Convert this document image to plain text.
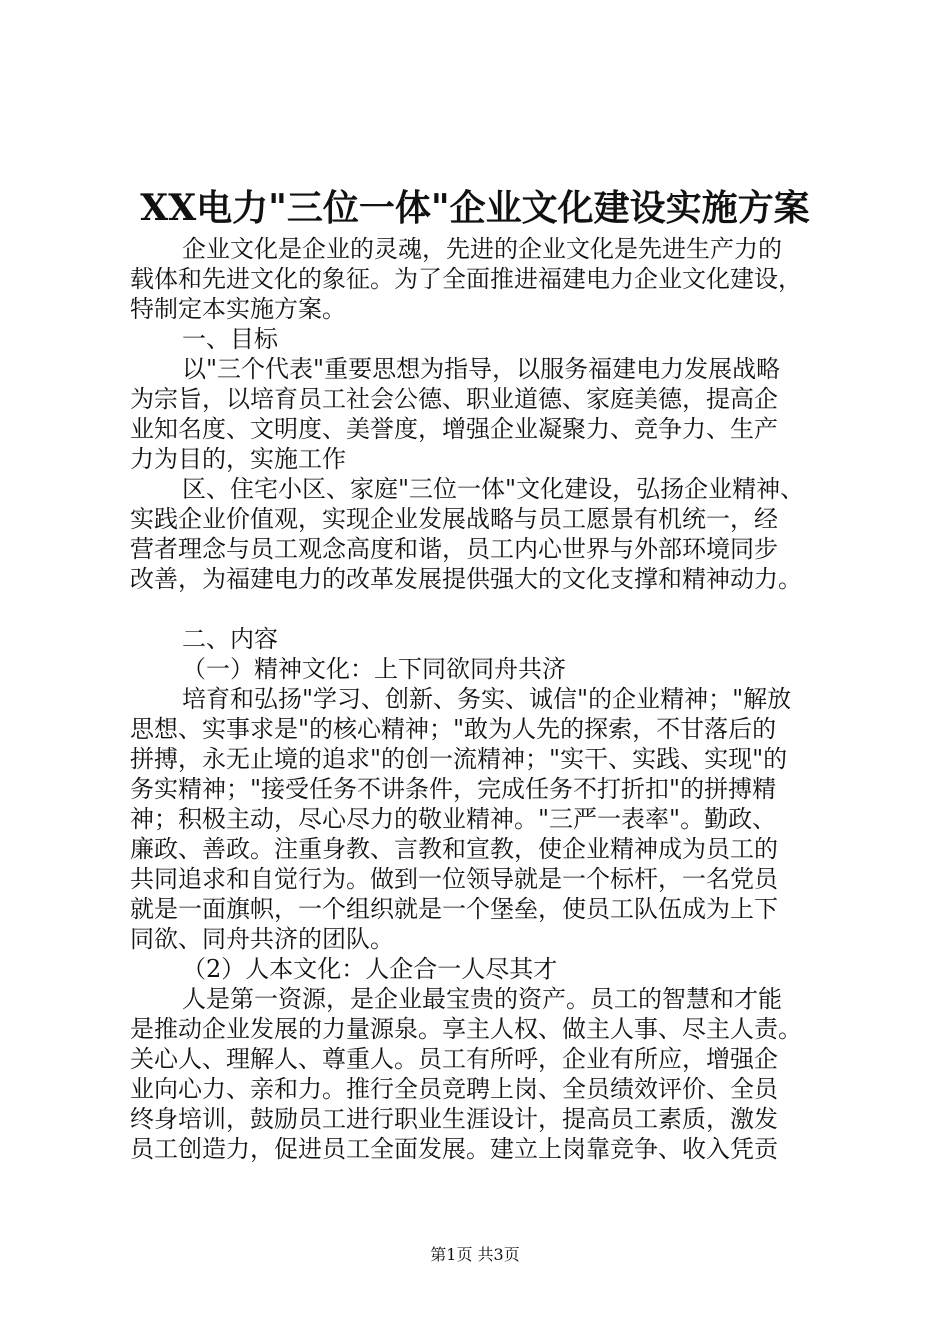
XX电力"三位一体"企业文化建设实施方案
企业文化是企业的灵魂，先进的企业文化是先进生产力的
载体和先进文化的象征。为了全面推进福建电力企业文化建设，
特制定本实施方案。
一、目标
以"三个代表"重要思想为指导，以服务福建电力发展战略
为宗旨，以培育员工社会公德、职业道德、家庭美德，提高企
业知名度、文明度、美誉度，增强企业凝聚力、竞争力、生产
力为目的，实施工作
区、住宅小区、家庭"三位一体"文化建设，弘扬企业精神、
实践企业价值观，实现企业发展战略与员工愿景有机统一，经
营者理念与员工观念高度和谐，员工内心世界与外部环境同步
改善，为福建电力的改革发展提供强大的文化支撑和精神动力。
二、内容
（一）精神文化：上下同欲同舟共济
培育和弘扬"学习、创新、务实、诚信"的企业精神；"解放
思想、实事求是"的核心精神；"敢为人先的探索，不甘落后的
拼搏，永无止境的追求"的创一流精神；"实干、实践、实现"的
务实精神；"接受任务不讲条件，完成任务不打折扣"的拼搏精
神；积极主动，尽心尽力的敬业精神。"三严一表率"。勤政、
廉政、善政。注重身教、言教和宣教，使企业精神成为员工的
共同追求和自觉行为。做到一位领导就是一个标杆，一名党员
就是一面旗帜，一个组织就是一个堡垒，使员工队伍成为上下
同欲、同舟共济的团队。
（2）人本文化：人企合一人尽其才
人是第一资源，是企业最宝贵的资产。员工的智慧和才能
是推动企业发展的力量源泉。享主人权、做主人事、尽主人责。
关心人、理解人、尊重人。员工有所呼，企业有所应，增强企
业向心力、亲和力。推行全员竞聘上岗、全员绩效评价、全员
终身培训，鼓励员工进行职业生涯设计，提高员工素质，激发
员工创造力，促进员工全面发展。建立上岗靠竞争、收入凭贡
第1页 共3页
